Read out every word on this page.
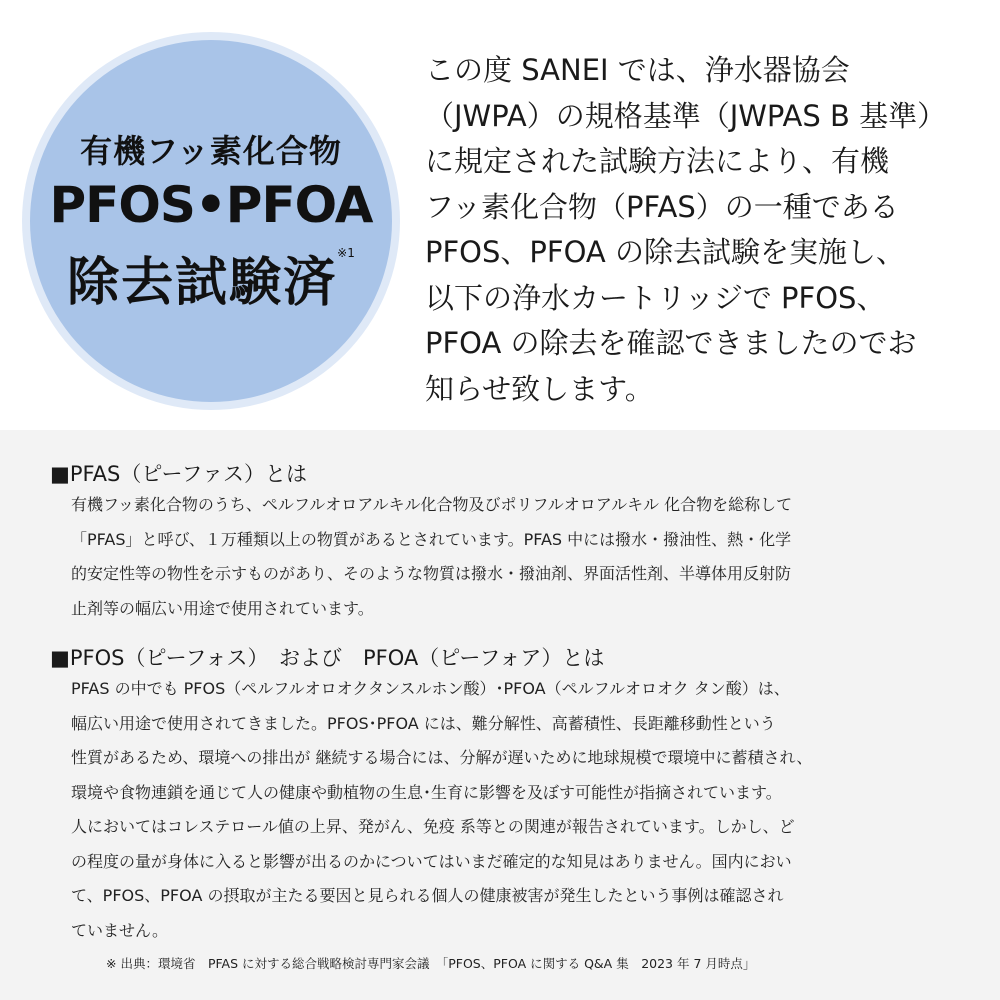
有機フッ素化合物
PFOS•PFOA
除去試験済$^{※1}$
この度 SANEI では、浄水器協会
（JWPA）の規格基準（JWPAS B 基準）
に規定された試験方法により、有機
フッ素化合物（PFAS）の一種である
PFOS、PFOA の除去試験を実施し、
以下の浄水カートリッジで PFOS、
PFOA の除去を確認できましたのでお
知らせ致します。
■PFAS（ピーファス）とは
有機フッ素化合物のうち、ペルフルオロアルキル化合物及びポリフルオロアルキル 化合物を総称して
「PFAS」と呼び、１万種類以上の物質があるとされています。PFAS 中には撥水・撥油性、熱・化学
的安定性等の物性を示すものがあり、そのような物質は撥水・撥油剤、界面活性剤、半導体用反射防
止剤等の幅広い用途で使用されています。
■PFOS（ピーフォス）　および　PFOA（ピーフォア）とは
PFAS の中でも PFOS（ペルフルオロオクタンスルホン酸）･PFOA（ペルフルオロオク タン酸）は、
幅広い用途で使用されてきました。PFOS･PFOA には、難分解性、高蓄積性、長距離移動性という
性質があるため、環境への排出が 継続する場合には、分解が遅いために地球規模で環境中に蓄積され、
環境や食物連鎖を通じて人の健康や動植物の生息･生育に影響を及ぼす可能性が指摘されています。
人においてはコレステロール値の上昇、発がん、免疫 系等との関連が報告されています。しかし、ど
の程度の量が身体に入ると影響が出るのかについてはいまだ確定的な知見はありません。国内におい
て、PFOS、PFOA の摂取が主たる要因と見られる個人の健康被害が発生したという事例は確認され
ていません。
※ 出典：環境省　PFAS に対する総合戦略検討専門家会議　「PFOS、PFOA に関する Q&A 集　2023 年 7 月時点」
